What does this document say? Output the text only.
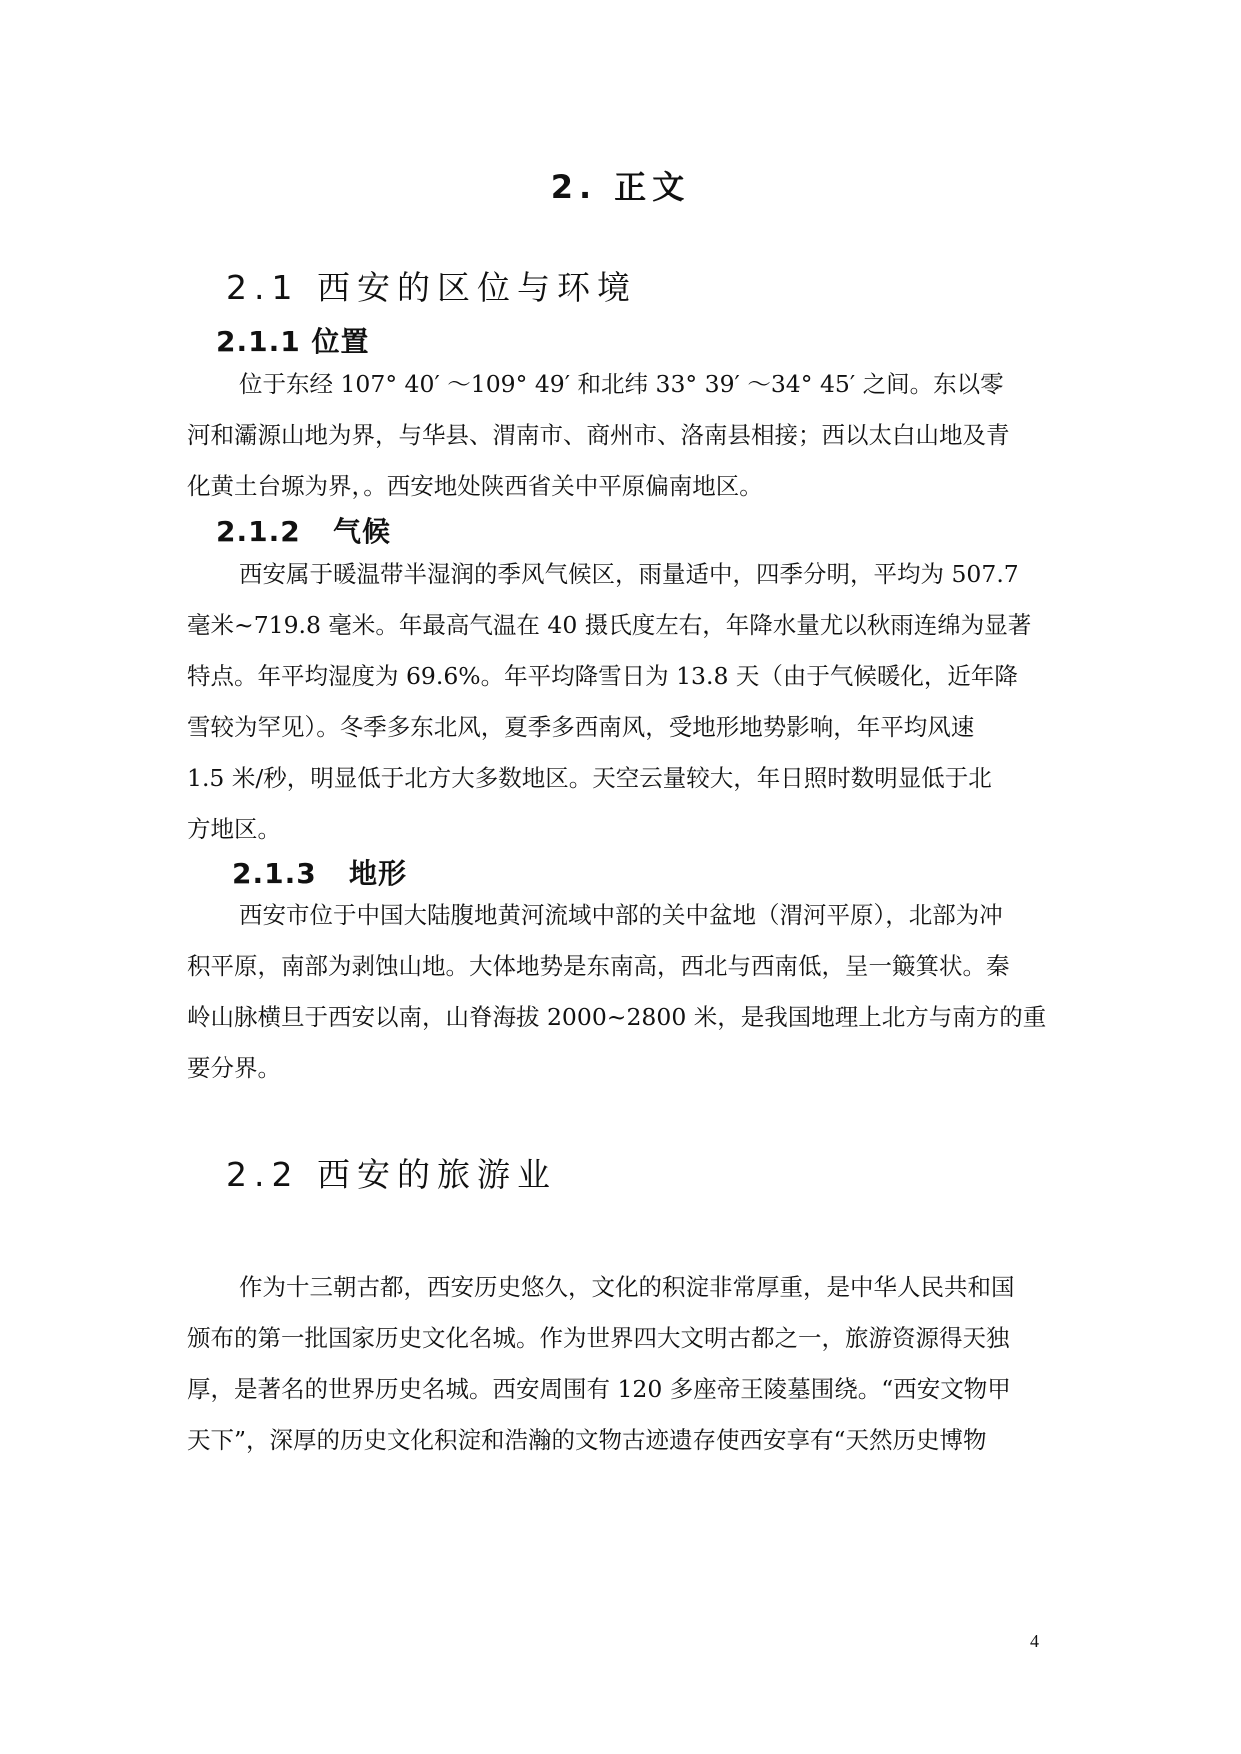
2. 正文
2.1 西安的区位与环境
2.1.1 位置
位于东经 107° 40′ ～109° 49′ 和北纬 33° 39′ ～34° 45′ 之间。东以零
河和灞源山地为界，与华县、渭南市、商州市、洛南县相接；西以太白山地及青
化黄土台塬为界，。西安地处陕西省关中平原偏南地区。
2.1.2   气候
西安属于暖温带半湿润的季风气候区，雨量适中，四季分明，平均为 507.7
毫米~719.8 毫米。年最高气温在 40 摄氏度左右，年降水量尤以秋雨连绵为显著
特点。年平均湿度为 69.6%。年平均降雪日为 13.8 天（由于气候暖化，近年降
雪较为罕见）。冬季多东北风，夏季多西南风，受地形地势影响，年平均风速
1.5 米/秒，明显低于北方大多数地区。天空云量较大，年日照时数明显低于北
方地区。
2.1.3   地形
西安市位于中国大陆腹地黄河流域中部的关中盆地（渭河平原），北部为冲
积平原，南部为剥蚀山地。大体地势是东南高，西北与西南低，呈一簸箕状。秦
岭山脉横旦于西安以南，山脊海拔 2000~2800 米，是我国地理上北方与南方的重
要分界。
2.2 西安的旅游业
作为十三朝古都，西安历史悠久，文化的积淀非常厚重，是中华人民共和国
颁布的第一批国家历史文化名城。作为世界四大文明古都之一，旅游资源得天独
厚，是著名的世界历史名城。西安周围有 120 多座帝王陵墓围绕。“西安文物甲
天下”，深厚的历史文化积淀和浩瀚的文物古迹遗存使西安享有“天然历史博物

4
